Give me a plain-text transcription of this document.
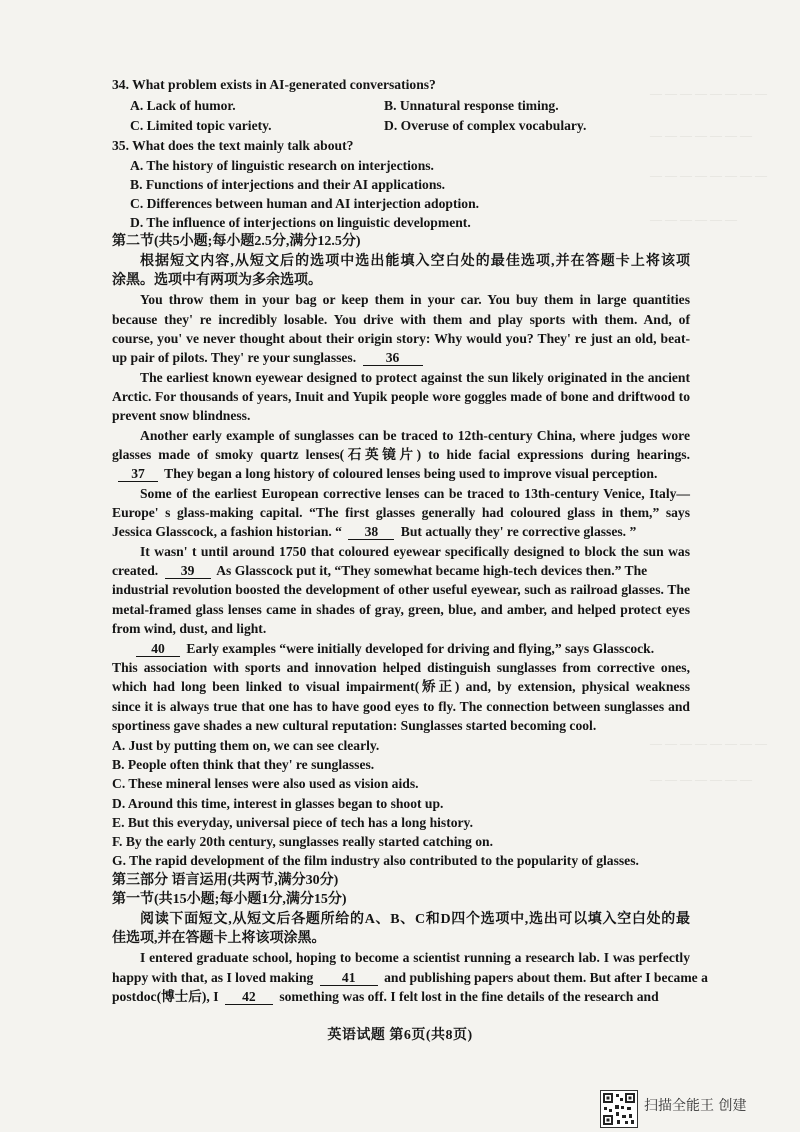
— — — — — — — —
— — — — — — —
— — — — — — — —
— — — — — —
— — — — — — — —
— — — — — — —
34. What problem exists in AI-generated conversations?
A. Lack of humor.	B. Unnatural response timing.
C. Limited topic variety.	D. Overuse of complex vocabulary.
35. What does the text mainly talk about?
A. The history of linguistic research on interjections.
B. Functions of interjections and their AI applications.
C. Differences between human and AI interjection adoption.
D. The influence of interjections on linguistic development.
第二节(共5小题;每小题2.5分,满分12.5分)
根据短文内容,从短文后的选项中选出能填入空白处的最佳选项,并在答题卡上将该项
涂黑。选项中有两项为多余选项。
You throw them in your bag or keep them in your car. You buy them in large quantities
because they' re incredibly losable. You drive with them and play sports with them. And, of
course, you' ve never thought about their origin story: Why would you? They' re just an old, beat-
up pair of pilots. They' re your sunglasses. 36
The earliest known eyewear designed to protect against the sun likely originated in the ancient
Arctic. For thousands of years, Inuit and Yupik people wore goggles made of bone and driftwood to
prevent snow blindness.
Another early example of sunglasses can be traced to 12th-century China, where judges wore
glasses made of smoky quartz lenses(石英镜片) to hide facial expressions during hearings.
37 They began a long history of coloured lenses being used to improve visual perception.
Some of the earliest European corrective lenses can be traced to 13th-century Venice, Italy—
Europe' s glass-making capital. “The first glasses generally had coloured glass in them,” says
Jessica Glasscock, a fashion historian. “ 38 But actually they' re corrective glasses. ”
It wasn' t until around 1750 that coloured eyewear specifically designed to block the sun was
created. 39 As Glasscock put it, “They somewhat became high-tech devices then.” The
industrial revolution boosted the development of other useful eyewear, such as railroad glasses. The
metal-framed glass lenses came in shades of gray, green, blue, and amber, and helped protect eyes
from wind, dust, and light.
40 Early examples “were initially developed for driving and flying,” says Glasscock.
This association with sports and innovation helped distinguish sunglasses from corrective ones,
which had long been linked to visual impairment(矫正) and, by extension, physical weakness
since it is always true that one has to have good eyes to fly. The connection between sunglasses and
sportiness gave shades a new cultural reputation: Sunglasses started becoming cool.
A. Just by putting them on, we can see clearly.
B. People often think that they' re sunglasses.
C. These mineral lenses were also used as vision aids.
D. Around this time, interest in glasses began to shoot up.
E. But this everyday, universal piece of tech has a long history.
F. By the early 20th century, sunglasses really started catching on.
G. The rapid development of the film industry also contributed to the popularity of glasses.
第三部分 语言运用(共两节,满分30分)
第一节(共15小题;每小题1分,满分15分)
阅读下面短文,从短文后各题所给的A、B、C和D四个选项中,选出可以填入空白处的最
佳选项,并在答题卡上将该项涂黑。
I entered graduate school, hoping to become a scientist running a research lab. I was perfectly
happy with that, as I loved making 41 and publishing papers about them. But after I became a
postdoc(博士后), I 42 something was off. I felt lost in the fine details of the research and
英语试题 第6页(共8页)
扫描全能王 创建
